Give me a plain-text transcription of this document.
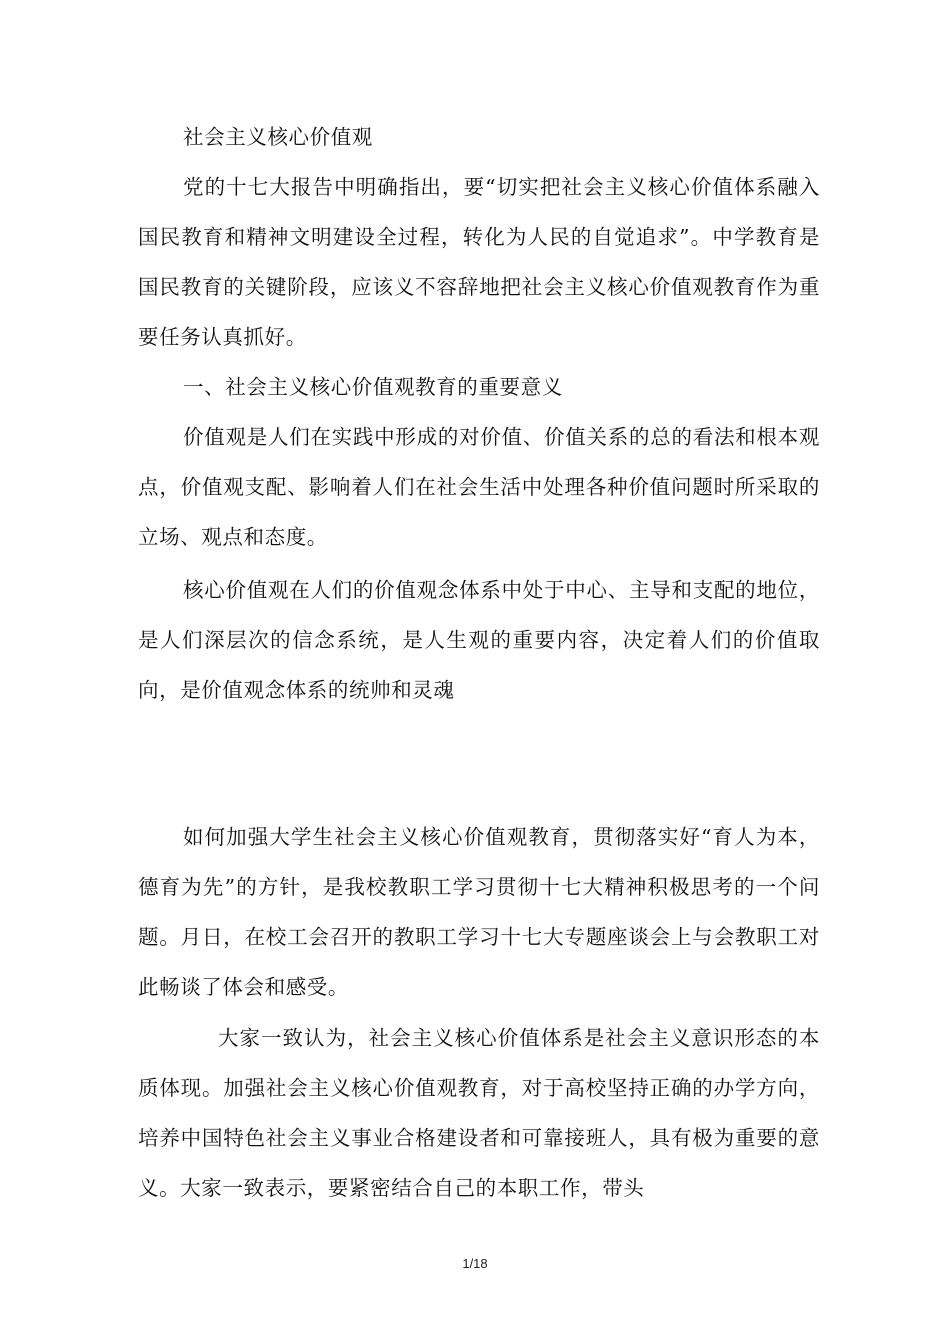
社会主义核心价值观

党的十七大报告中明确指出，要“切实把社会主义核心价值体系融入国民教育和精神文明建设全过程，转化为人民的自觉追求”。中学教育是国民教育的关键阶段，应该义不容辞地把社会主义核心价值观教育作为重要任务认真抓好。

一、社会主义核心价值观教育的重要意义

价值观是人们在实践中形成的对价值、价值关系的总的看法和根本观点，价值观支配、影响着人们在社会生活中处理各种价值问题时所采取的立场、观点和态度。

核心价值观在人们的价值观念体系中处于中心、主导和支配的地位，是人们深层次的信念系统，是人生观的重要内容，决定着人们的价值取向，是价值观念体系的统帅和灵魂

如何加强大学生社会主义核心价值观教育，贯彻落实好“育人为本，德育为先”的方针，是我校教职工学习贯彻十七大精神积极思考的一个问题。月日，在校工会召开的教职工学习十七大专题座谈会上与会教职工对此畅谈了体会和感受。

大家一致认为，社会主义核心价值体系是社会主义意识形态的本质体现。加强社会主义核心价值观教育，对于高校坚持正确的办学方向，培养中国特色社会主义事业合格建设者和可靠接班人，具有极为重要的意义。大家一致表示，要紧密结合自己的本职工作，带头

1/18
